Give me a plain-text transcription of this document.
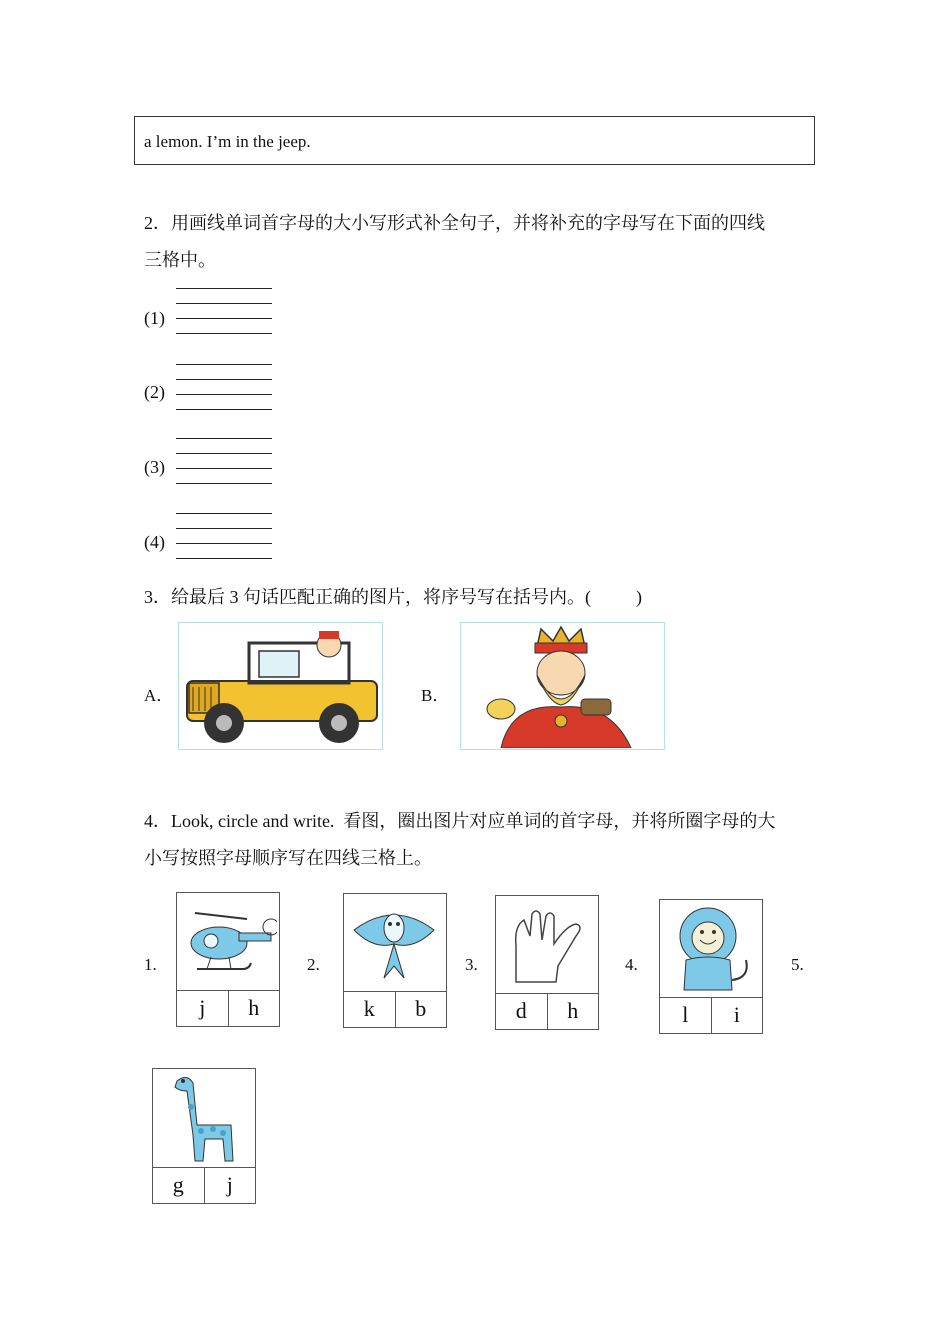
a lemon. I’m in the jeep.
2．用画线单词首字母的大小写形式补全句子，并将补充的字母写在下面的四线
三格中。
(1)
(2)
(3)
(4)
3．给最后 3 句话匹配正确的图片，将序号写在括号内。(          )
A．	B．
4．Look, circle and write.  看图，圈出图片对应单词的首字母，并将所圈字母的大
小写按照字母顺序写在四线三格上。
1.
j	h
2.
k	b
3.
d	h
4.
l	i
5.
g	j
